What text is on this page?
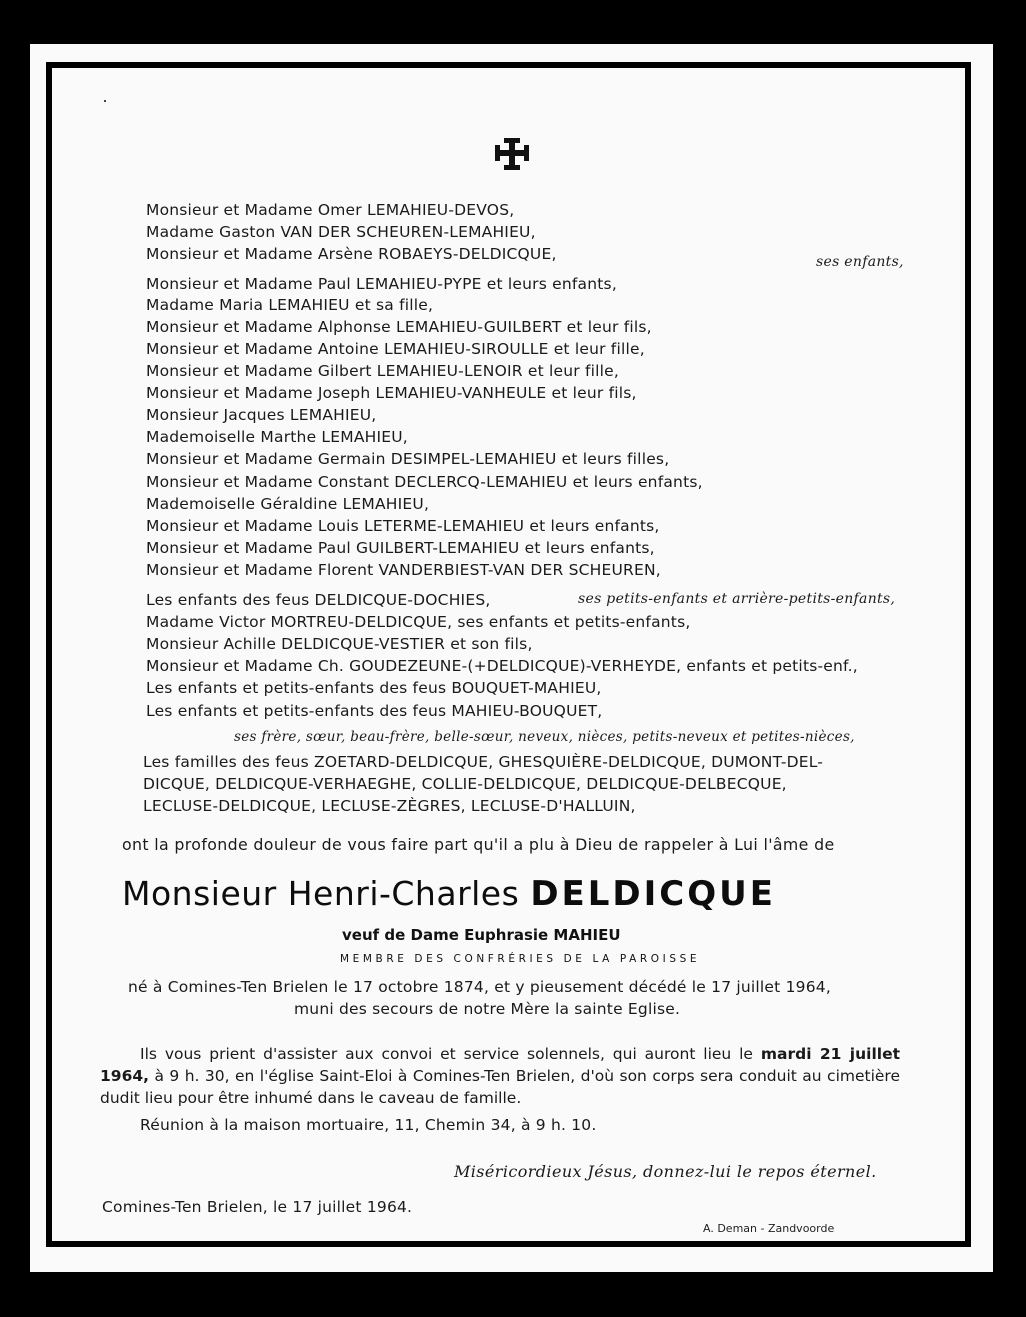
Monsieur et Madame Omer LEMAHIEU-DEVOS,
Madame Gaston VAN DER SCHEUREN-LEMAHIEU,
Monsieur et Madame Arsène ROBAEYS-DELDICQUE,	ses enfants,
Monsieur et Madame Paul LEMAHIEU-PYPE et leurs enfants,
Madame Maria LEMAHIEU et sa fille,
Monsieur et Madame Alphonse LEMAHIEU-GUILBERT et leur fils,
Monsieur et Madame Antoine LEMAHIEU-SIROULLE et leur fille,
Monsieur et Madame Gilbert LEMAHIEU-LENOIR et leur fille,
Monsieur et Madame Joseph LEMAHIEU-VANHEULE et leur fils,
Monsieur Jacques LEMAHIEU,
Mademoiselle Marthe LEMAHIEU,
Monsieur et Madame Germain DESIMPEL-LEMAHIEU et leurs filles,
Monsieur et Madame Constant DECLERCQ-LEMAHIEU et leurs enfants,
Mademoiselle Géraldine LEMAHIEU,
Monsieur et Madame Louis LETERME-LEMAHIEU et leurs enfants,
Monsieur et Madame Paul GUILBERT-LEMAHIEU et leurs enfants,
Monsieur et Madame Florent VANDERBIEST-VAN DER SCHEUREN,
Les enfants des feus DELDICQUE-DOCHIES,	ses petits-enfants et arrière-petits-enfants,
Madame Victor MORTREU-DELDICQUE, ses enfants et petits-enfants,
Monsieur Achille DELDICQUE-VESTIER et son fils,
Monsieur et Madame Ch. GOUDEZEUNE-(+DELDICQUE)-VERHEYDE, enfants et petits-enf.,
Les enfants et petits-enfants des feus BOUQUET-MAHIEU,
Les enfants et petits-enfants des feus MAHIEU-BOUQUET,
ses frère, sœur, beau-frère, belle-sœur, neveux, nièces, petits-neveux et petites-nièces,
Les familles des feus ZOETARD-DELDICQUE, GHESQUIÈRE-DELDICQUE, DUMONT-DEL-
DICQUE, DELDICQUE-VERHAEGHE, COLLIE-DELDICQUE, DELDICQUE-DELBECQUE,
LECLUSE-DELDICQUE, LECLUSE-ZÈGRES, LECLUSE-D'HALLUIN,
ont la profonde douleur de vous faire part qu'il a plu à Dieu de rappeler à Lui l'âme de
Monsieur Henri-Charles DELDICQUE
veuf de Dame Euphrasie MAHIEU
MEMBRE DES CONFRÉRIES DE LA PAROISSE
né à Comines-Ten Brielen le 17 octobre 1874, et y pieusement décédé le 17 juillet 1964,
muni des secours de notre Mère la sainte Eglise.
Ils vous prient d'assister aux convoi et service solennels, qui auront lieu le mardi 21 juillet 1964, à 9 h. 30, en l'église Saint-Eloi à Comines-Ten Brielen, d'où son corps sera conduit au cimetière dudit lieu pour être inhumé dans le caveau de famille.
Réunion à la maison mortuaire, 11, Chemin 34, à 9 h. 10.
Miséricordieux Jésus, donnez-lui le repos éternel.
Comines-Ten Brielen, le 17 juillet 1964.
A. Deman - Zandvoorde
